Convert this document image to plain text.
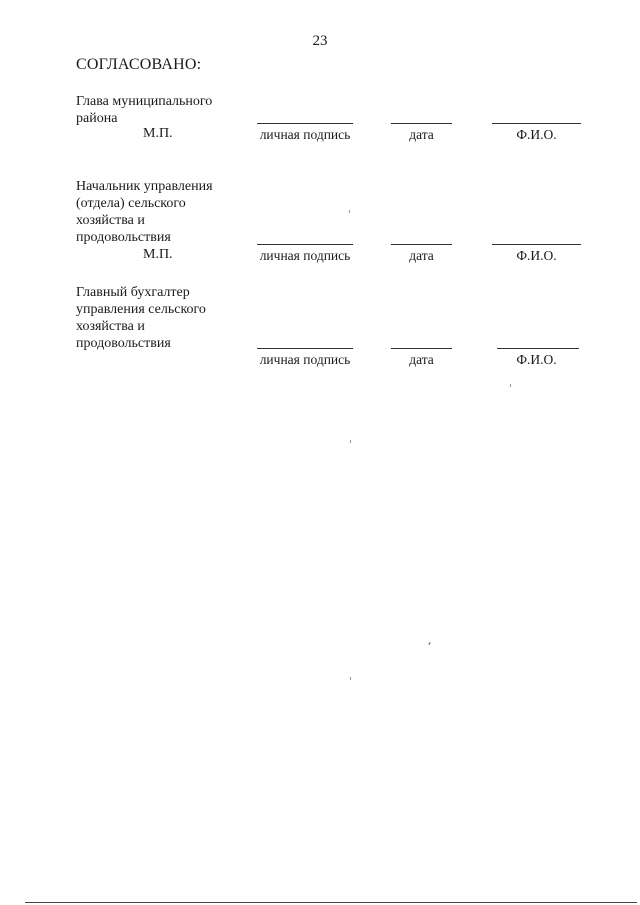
23
СОГЛАСОВАНО:
Глава муниципального
района
М.П.	личная подпись	дата	Ф.И.О.
Начальник управления
(отдела) сельского
хозяйства и
продовольствия
М.П.	личная подпись	дата	Ф.И.О.
Главный бухгалтер
управления сельского
хозяйства и
продовольствия
личная подпись	дата	Ф.И.О.
